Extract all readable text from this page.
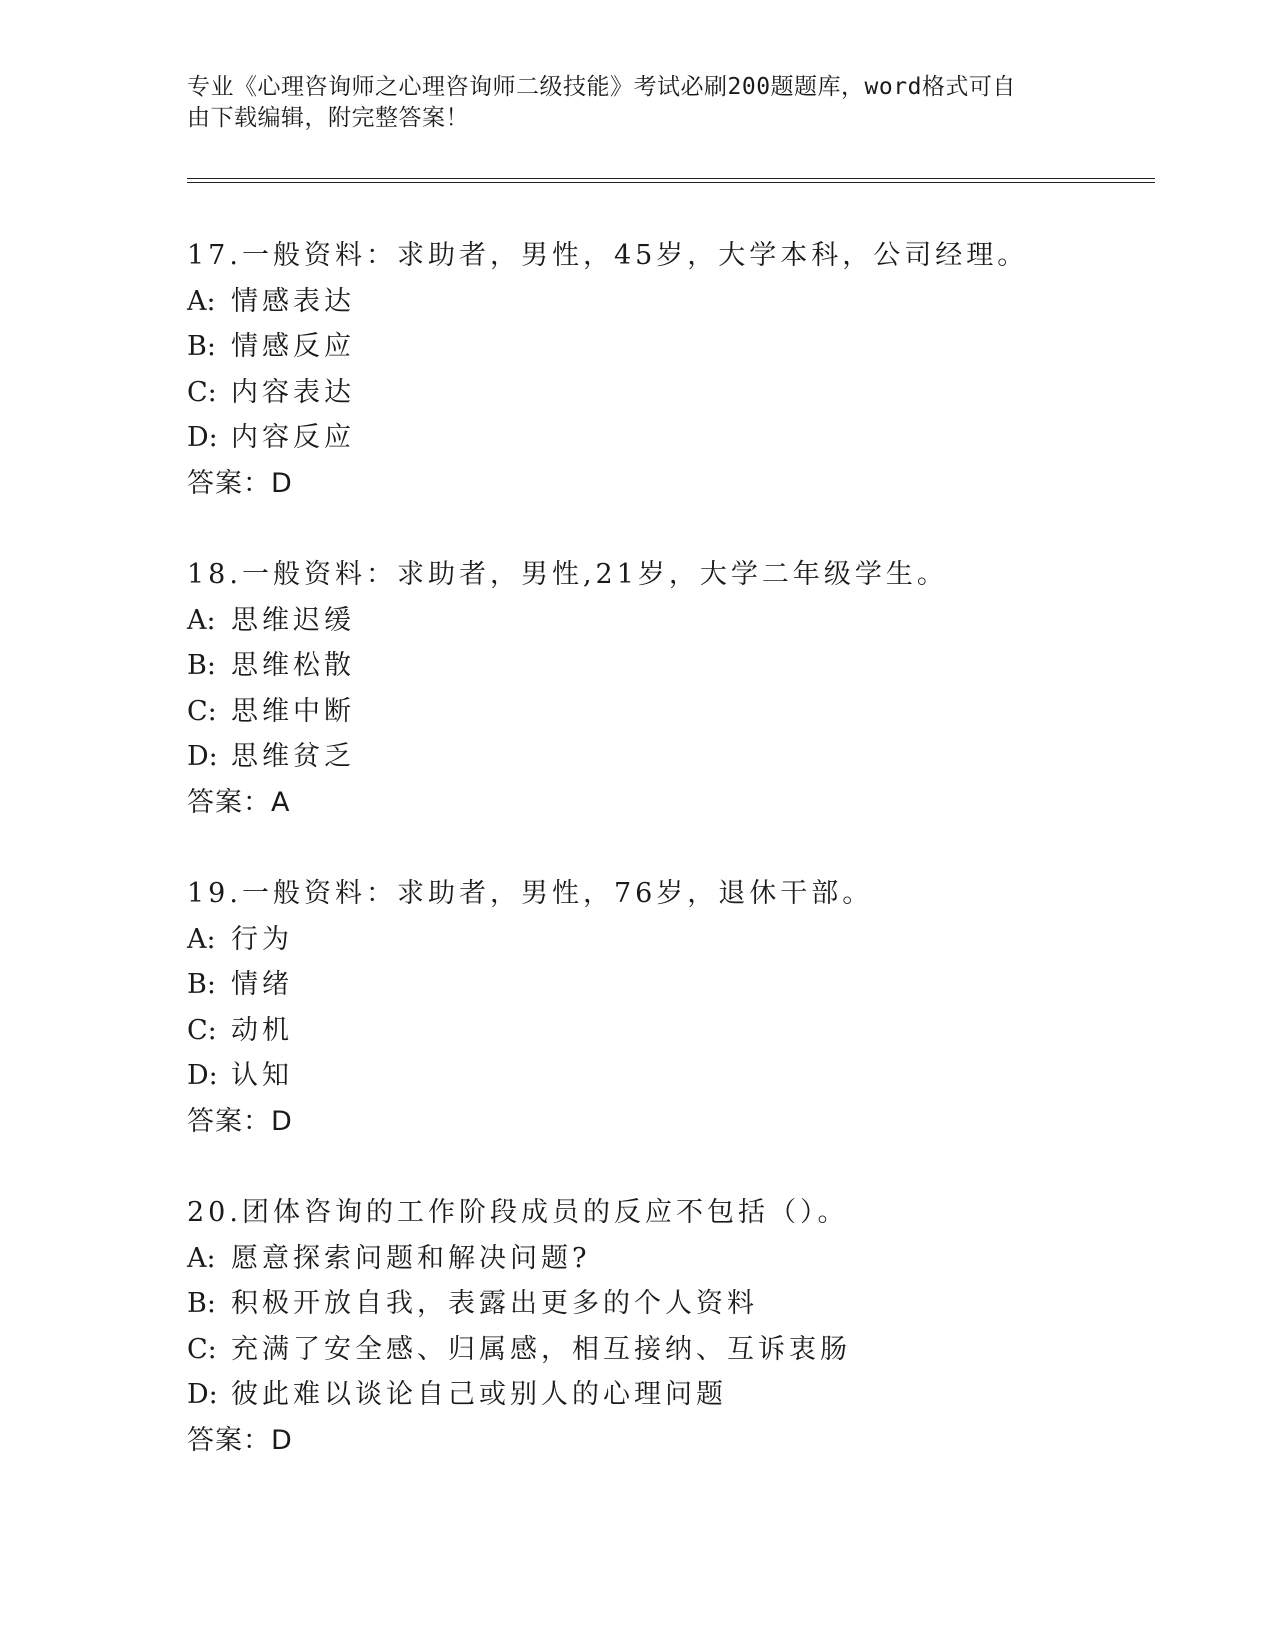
专业《心理咨询师之心理咨询师二级技能》考试必刷200题题库，word格式可自
由下载编辑，附完整答案！
17.一般资料：求助者，男性，45岁，大学本科，公司经理。
A: 情感表达
B: 情感反应
C: 内容表达
D: 内容反应
答案：D
18.一般资料：求助者，男性,21岁，大学二年级学生。
A: 思维迟缓
B: 思维松散
C: 思维中断
D: 思维贫乏
答案：A
19.一般资料：求助者，男性，76岁，退休干部。
A: 行为
B: 情绪
C: 动机
D: 认知
答案：D
20.团体咨询的工作阶段成员的反应不包括（）。
A: 愿意探索问题和解决问题?
B: 积极开放自我，表露出更多的个人资料
C: 充满了安全感、归属感，相互接纳、互诉衷肠
D: 彼此难以谈论自己或别人的心理问题
答案：D
